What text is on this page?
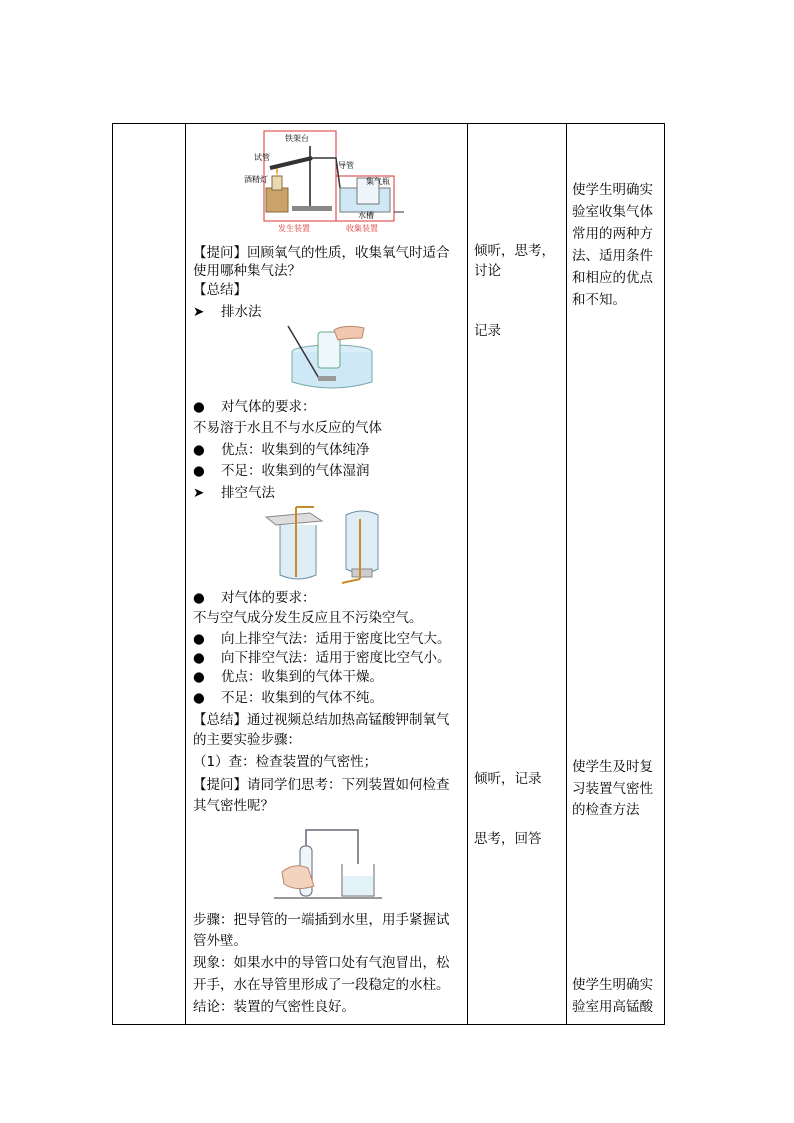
铁架台
试管
酒精灯
导管
集气瓶
水槽
发生装置	收集装置
【提问】回顾氧气的性质，收集氧气时适合
使用哪种集气法？
【总结】
➤ 排水法
● 对气体的要求：
不易溶于水且不与水反应的气体
● 优点：收集到的气体纯净
● 不足：收集到的气体湿润
➤ 排空气法
● 对气体的要求：
不与空气成分发生反应且不污染空气。
● 向上排空气法：适用于密度比空气大。
● 向下排空气法：适用于密度比空气小。
● 优点：收集到的气体干燥。
● 不足：收集到的气体不纯。
【总结】通过视频总结加热高锰酸钾制氧气
的主要实验步骤：
（1）查：检查装置的气密性；
【提问】请同学们思考：下列装置如何检查
其气密性呢？
步骤：把导管的一端插到水里，用手紧握试
管外壁。
现象：如果水中的导管口处有气泡冒出，松
开手，水在导管里形成了一段稳定的水柱。
结论：装置的气密性良好。
倾听，思考，
讨论
记录
倾听，记录
思考，回答
使学生明确实
验室收集气体
常用的两种方
法、适用条件
和相应的优点
和不知。
使学生及时复
习装置气密性
的检查方法
使学生明确实
验室用高锰酸
